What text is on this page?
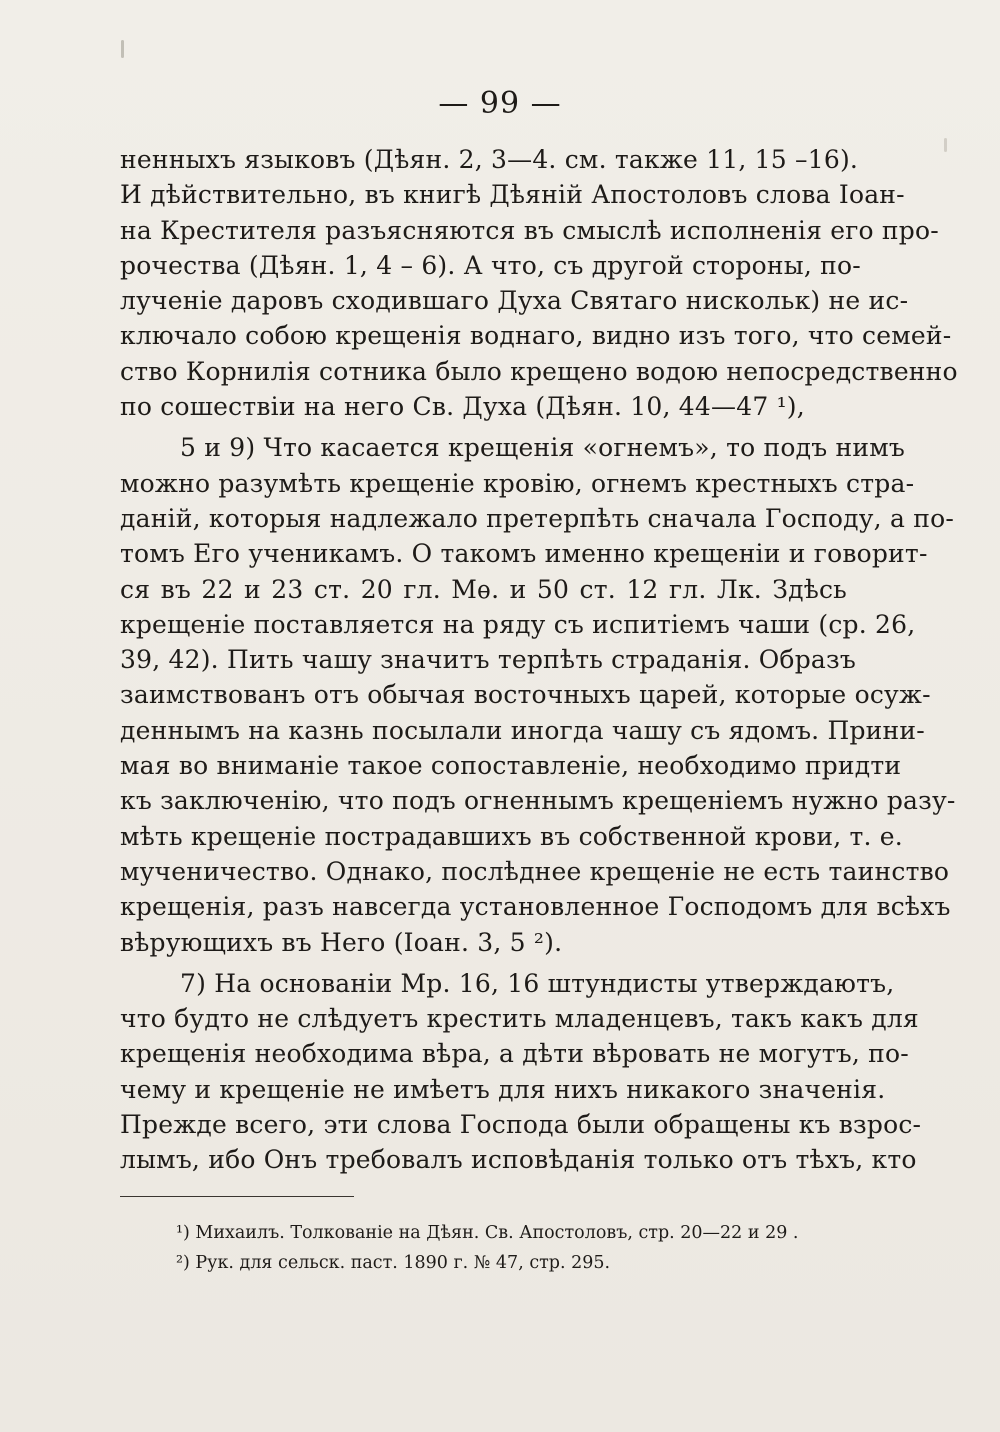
— 99 —
ненныхъ языковъ (Дѣян. 2, 3—4. см. также 11, 15 –16).
И дѣйствительно, въ книгѣ Дѣяній Апостоловъ слова Іоан-
на Крестителя разъясняются въ смыслѣ исполненія его про-
рочества (Дѣян. 1, 4 – 6). А что, съ другой стороны, по-
лученіе даровъ сходившаго Духа Святаго нискольк) не ис-
ключало собою крещенія воднаго, видно изъ того, что семей-
ство Корнилія сотника было крещено водою непосредственно
по сошествіи на него Св. Духа (Дѣян. 10, 44—47 ¹),
5 и 9) Что касается крещенія «огнемъ», то подъ нимъ
можно разумѣть крещеніе кровію, огнемъ крестныхъ стра-
даній, которыя надлежало претерпѣть сначала Господу, а по-
томъ Его ученикамъ. О такомъ именно крещеніи и говорит-
ся въ 22 и 23 ст. 20 гл. Мѳ. и 50 ст. 12 гл. Лк. Здѣсь
крещеніе поставляется на ряду съ испитіемъ чаши (ср. 26,
39, 42). Пить чашу значитъ терпѣть страданія. Образъ
заимствованъ отъ обычая восточныхъ царей, которые осуж-
деннымъ на казнь посылали иногда чашу съ ядомъ. Прини-
мая во вниманіе такое сопоставленіе, необходимо придти
къ заключенію, что подъ огненнымъ крещеніемъ нужно разу-
мѣть крещеніе пострадавшихъ въ собственной крови, т. е.
мученичество. Однако, послѣднее крещеніе не есть таинство
крещенія, разъ навсегда установленное Господомъ для всѣхъ
вѣрующихъ въ Него (Іоан. 3, 5 ²).
7) На основаніи Мр. 16, 16 штундисты утверждаютъ,
что будто не слѣдуетъ крестить младенцевъ, такъ какъ для
крещенія необходима вѣра, а дѣти вѣровать не могутъ, по-
чему и крещеніе не имѣетъ для нихъ никакого значенія.
Прежде всего, эти слова Господа были обращены къ взрос-
лымъ, ибо Онъ требовалъ исповѣданія только отъ тѣхъ, кто
¹) Михаилъ. Толкованіе на Дѣян. Св. Апостоловъ, стр. 20—22 и 29 .
²) Рук. для сельск. паст. 1890 г. № 47, стр. 295.
